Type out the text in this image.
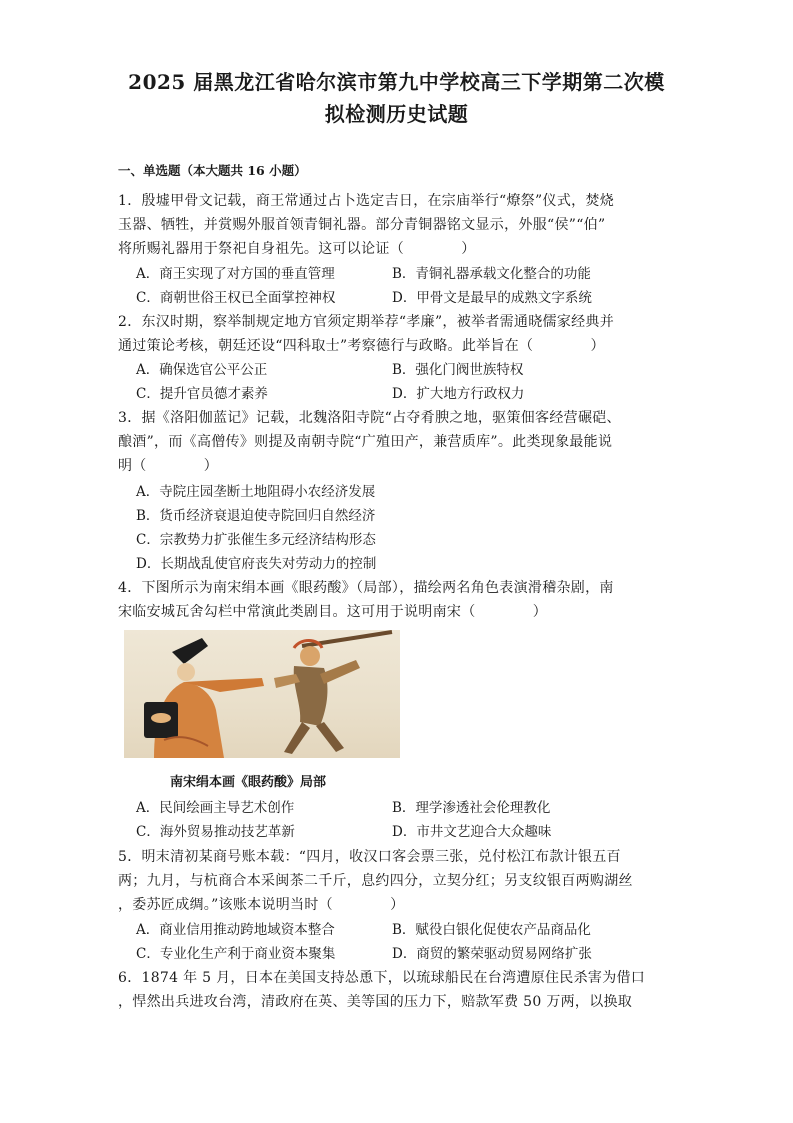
2025 届黑龙江省哈尔滨市第九中学校高三下学期第二次模
拟检测历史试题
一、单选题（本大题共 16 小题）
1．殷墟甲骨文记载，商王常通过占卜选定吉日，在宗庙举行“燎祭”仪式，焚烧
玉器、牺牲，并赏赐外服首领青铜礼器。部分青铜器铭文显示，外服“侯”“伯”
将所赐礼器用于祭祀自身祖先。这可以论证（　　　　）
A．商王实现了对方国的垂直管理	B．青铜礼器承载文化整合的功能
C．商朝世俗王权已全面掌控神权	D．甲骨文是最早的成熟文字系统
2．东汉时期，察举制规定地方官须定期举荐“孝廉”，被举者需通晓儒家经典并
通过策论考核，朝廷还设“四科取士”考察德行与政略。此举旨在（　　　　）
A．确保选官公平公正	B．强化门阀世族特权
C．提升官员德才素养	D．扩大地方行政权力
3．据《洛阳伽蓝记》记载，北魏洛阳寺院“占夺肴腴之地，驱策佃客经营碾硙、
酿酒”，而《高僧传》则提及南朝寺院“广殖田产，兼营质库”。此类现象最能说
明（　　　　）
A．寺院庄园垄断土地阻碍小农经济发展
B．货币经济衰退迫使寺院回归自然经济
C．宗教势力扩张催生多元经济结构形态
D．长期战乱使官府丧失对劳动力的控制
4．下图所示为南宋绢本画《眼药酸》（局部），描绘两名角色表演滑稽杂剧，南
宋临安城瓦舍勾栏中常演此类剧目。这可用于说明南宋（　　　　）
南宋绢本画《眼药酸》局部
A．民间绘画主导艺术创作	B．理学渗透社会伦理教化
C．海外贸易推动技艺革新	D．市井文艺迎合大众趣味
5．明末清初某商号账本载：“四月，收汉口客会票三张，兑付松江布款计银五百
两；九月，与杭商合本采闽茶二千斤，息约四分，立契分红；另支纹银百两购湖丝
，委苏匠成绸。”该账本说明当时（　　　　）
A．商业信用推动跨地域资本整合	B．赋役白银化促使农产品商品化
C．专业化生产利于商业资本聚集	D．商贸的繁荣驱动贸易网络扩张
6．1874 年 5 月，日本在美国支持怂恿下，以琉球船民在台湾遭原住民杀害为借口
，悍然出兵进攻台湾，清政府在英、美等国的压力下，赔款军费 50 万两，以换取
